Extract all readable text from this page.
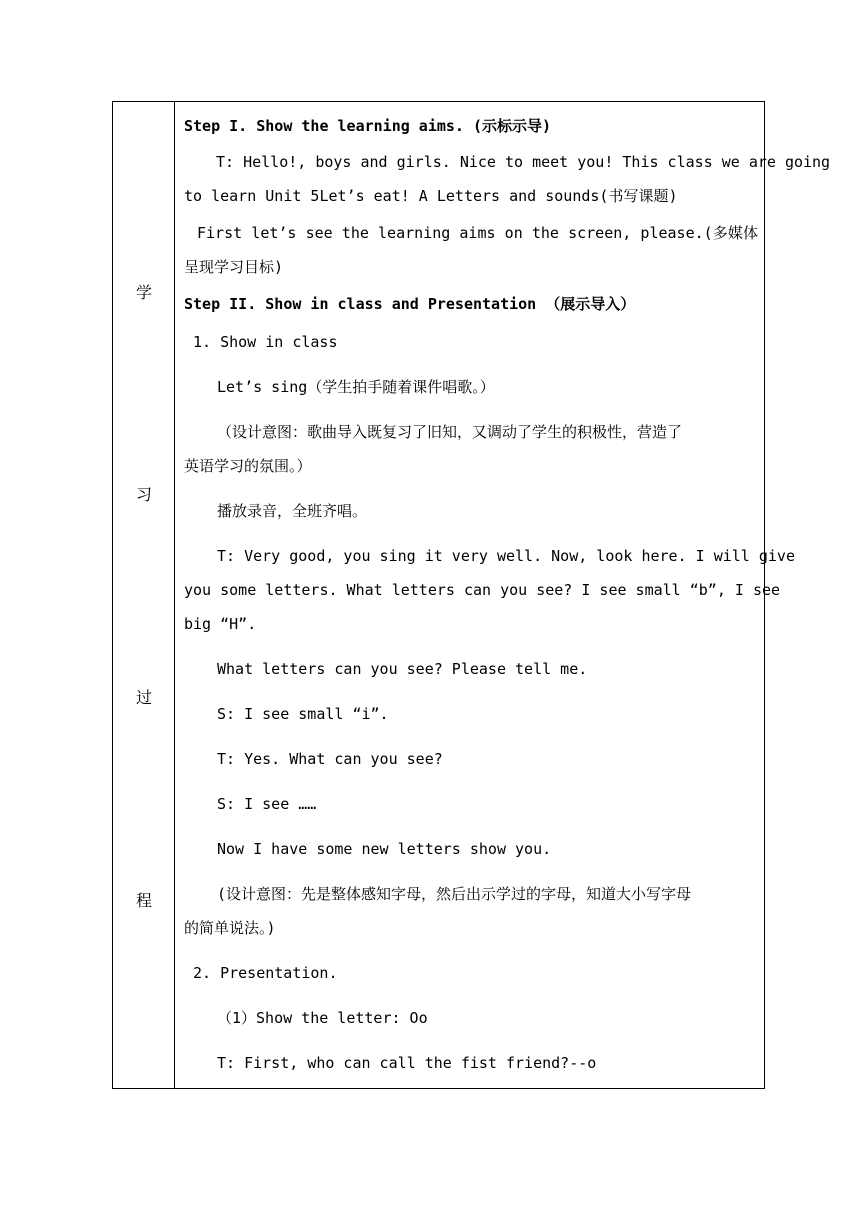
学
习
过
程
Step I. Show the learning aims. (示标示导)
T: Hello!, boys and girls. Nice to meet you! This class we are going
to learn Unit 5Let’s eat! A Letters and sounds(书写课题)
First let’s see the learning aims on the screen, please.(多媒体
呈现学习目标)
Step II. Show in class and Presentation （展示导入）
1. Show in class
Let’s sing（学生拍手随着课件唱歌。）
（设计意图：歌曲导入既复习了旧知，又调动了学生的积极性，营造了
英语学习的氛围。）
播放录音，全班齐唱。
T: Very good, you sing it very well. Now, look here. I will give
you some letters. What letters can you see? I see small “b”, I see
big “H”.
What letters can you see? Please tell me.
S: I see small “i”.
T: Yes. What can you see?
S: I see ……
Now I have some new letters show you.
(设计意图：先是整体感知字母，然后出示学过的字母，知道大小写字母
的简单说法。)
2. Presentation.
（1）Show the letter: Oo
T: First, who can call the fist friend?--o
